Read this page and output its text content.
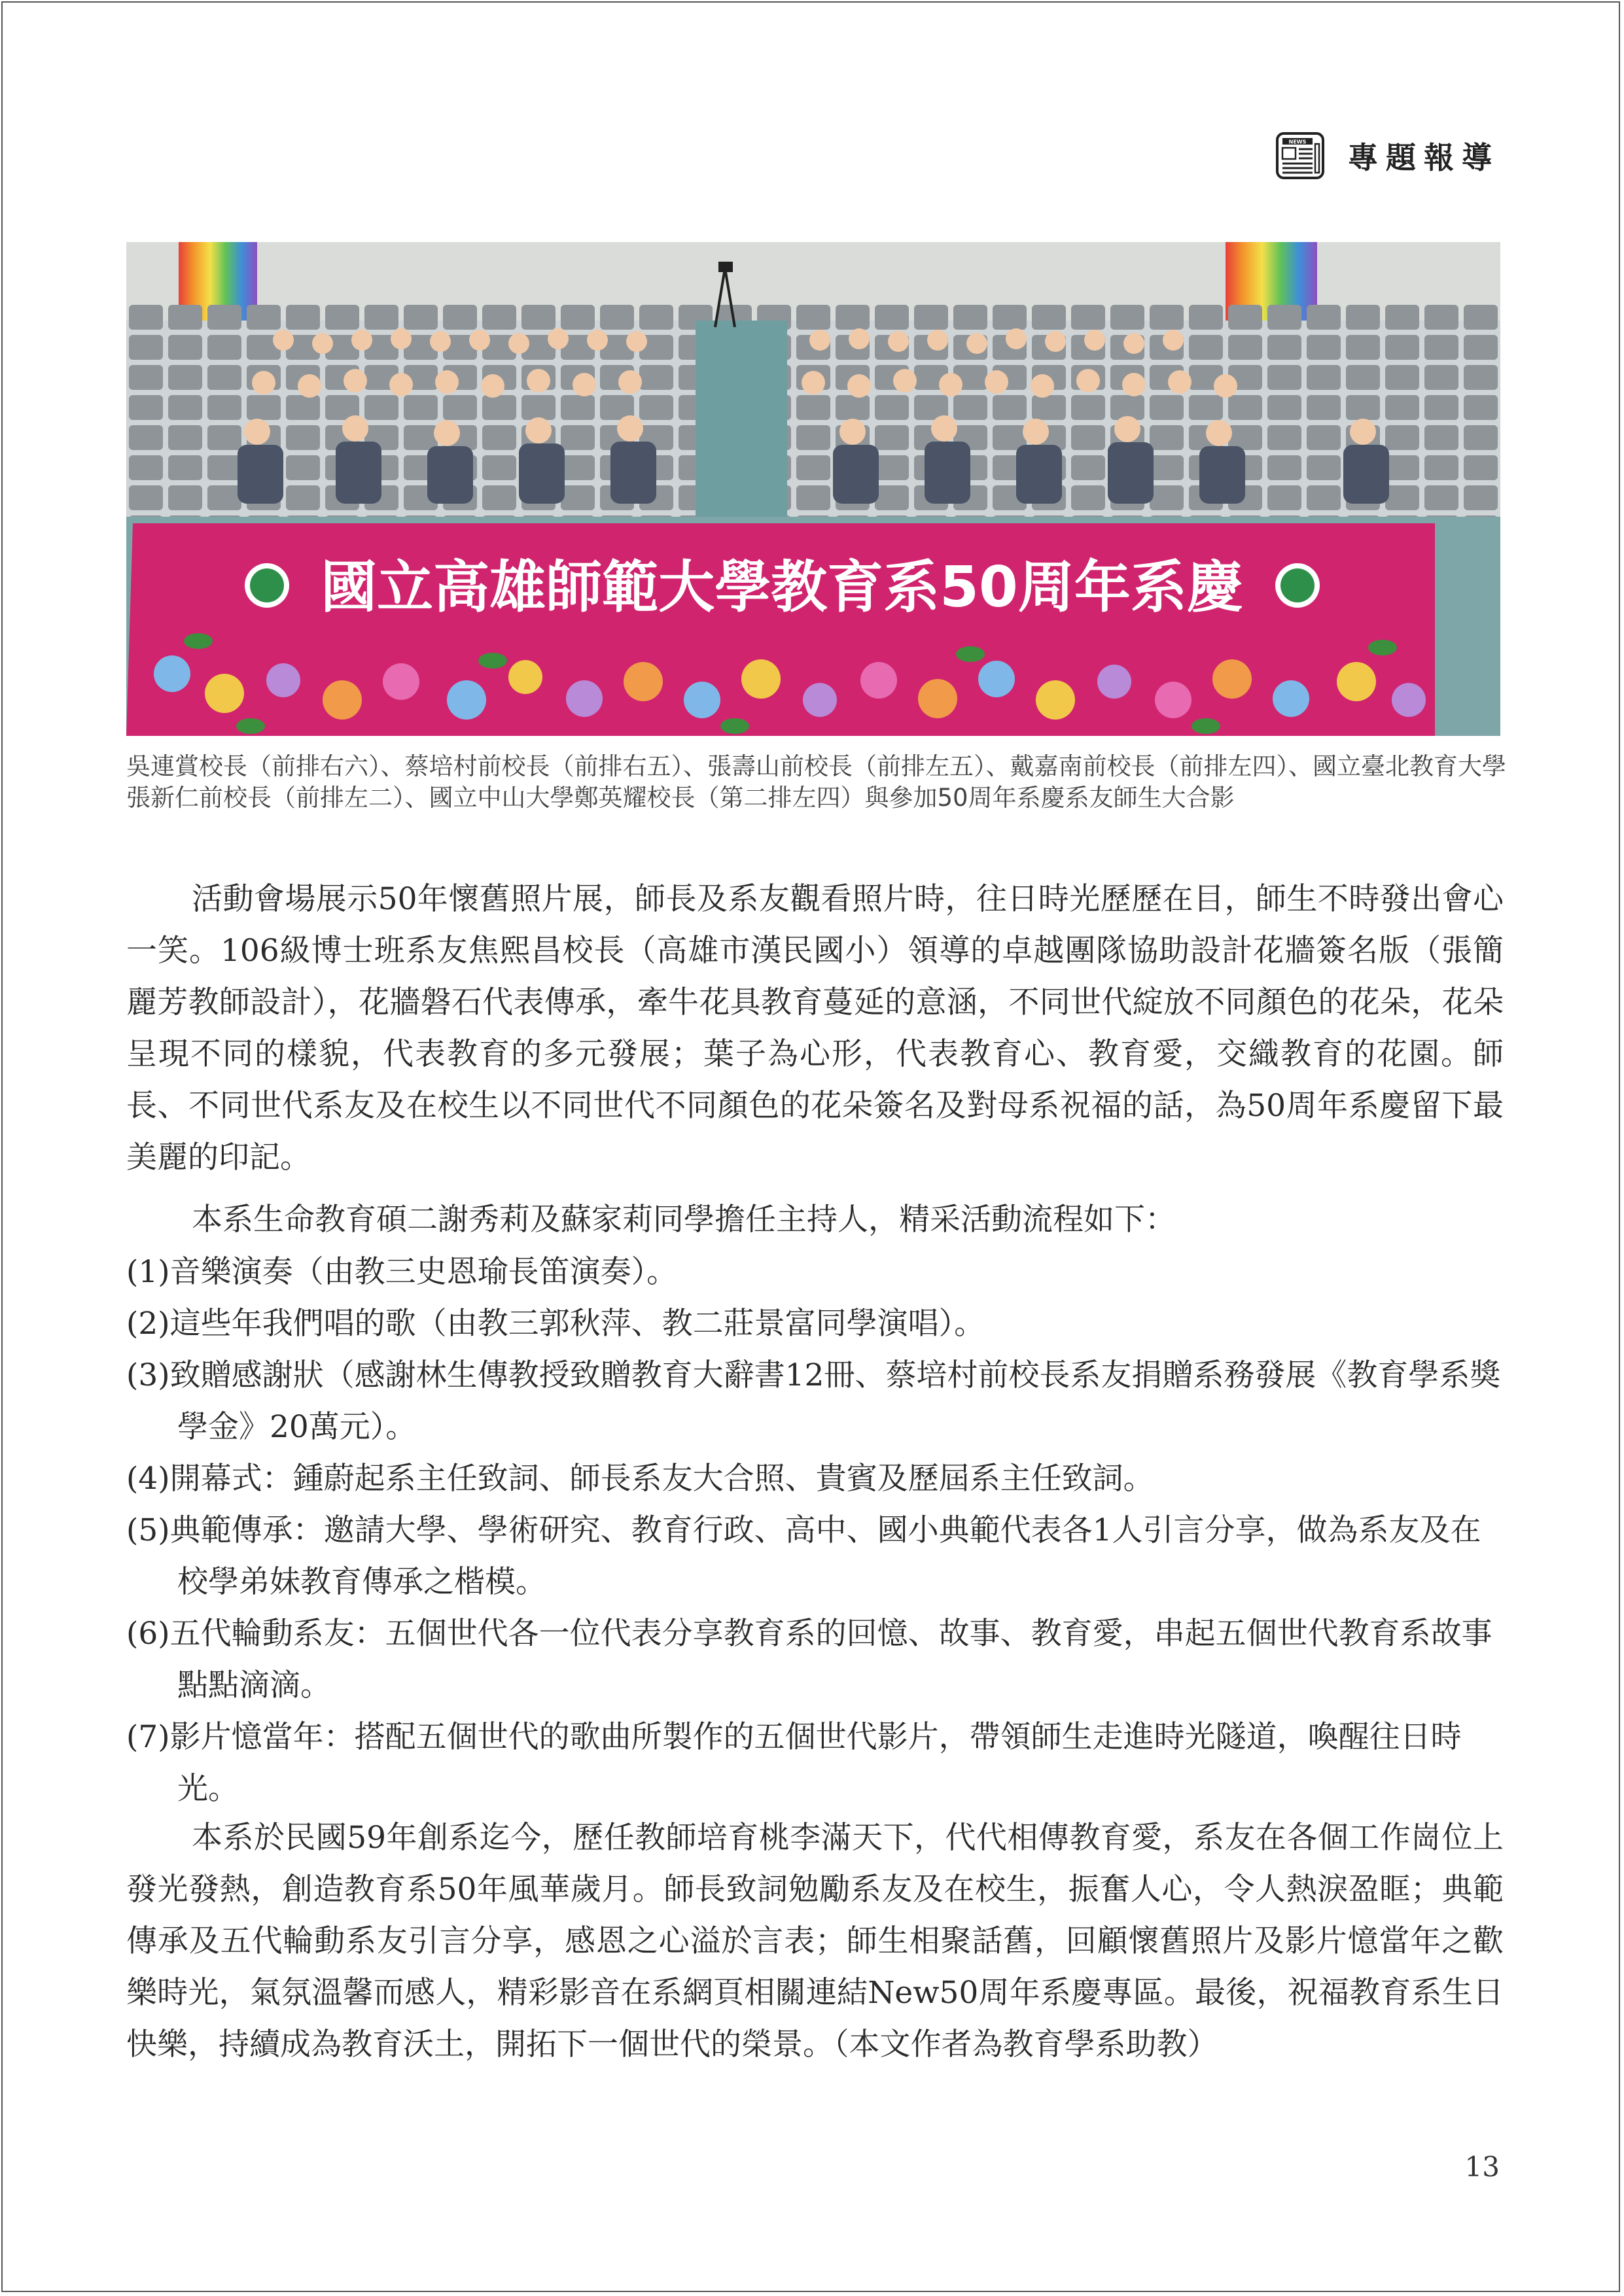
NEWS 專題報導
國立高雄師範大學教育系50周年系慶
吳連賞校長（前排右六）、蔡培村前校長（前排右五）、張壽山前校長（前排左五）、戴嘉南前校長（前排左四）、國立臺北教育大學張新仁前校長（前排左二）、國立中山大學鄭英耀校長（第二排左四）與參加50周年系慶系友師生大合影

活動會場展示50年懷舊照片展，師長及系友觀看照片時，往日時光歷歷在目，師生不時發出會心一笑。106級博士班系友焦熙昌校長（高雄市漢民國小）領導的卓越團隊協助設計花牆簽名版（張簡麗芳教師設計），花牆磐石代表傳承，牽牛花具教育蔓延的意涵，不同世代綻放不同顏色的花朵，花朵呈現不同的樣貌，代表教育的多元發展；葉子為心形，代表教育心、教育愛，交織教育的花園。師長、不同世代系友及在校生以不同世代不同顏色的花朵簽名及對母系祝福的話，為50周年系慶留下最美麗的印記。

本系生命教育碩二謝秀莉及蘇家莉同學擔任主持人，精采活動流程如下：

(1)音樂演奏（由教三史恩瑜長笛演奏）。
(2)這些年我們唱的歌（由教三郭秋萍、教二莊景富同學演唱）。
(3)致贈感謝狀（感謝林生傳教授致贈教育大辭書12冊、蔡培村前校長系友捐贈系務發展《教育學系獎學金》20萬元）。
(4)開幕式：鍾蔚起系主任致詞、師長系友大合照、貴賓及歷屆系主任致詞。
(5)典範傳承：邀請大學、學術研究、教育行政、高中、國小典範代表各1人引言分享，做為系友及在校學弟妹教育傳承之楷模。
(6)五代輪動系友：五個世代各一位代表分享教育系的回憶、故事、教育愛，串起五個世代教育系故事點點滴滴。
(7)影片憶當年：搭配五個世代的歌曲所製作的五個世代影片，帶領師生走進時光隧道，喚醒往日時光。

本系於民國59年創系迄今，歷任教師培育桃李滿天下，代代相傳教育愛，系友在各個工作崗位上發光發熱，創造教育系50年風華歲月。師長致詞勉勵系友及在校生，振奮人心，令人熱淚盈眶；典範傳承及五代輪動系友引言分享，感恩之心溢於言表；師生相聚話舊，回顧懷舊照片及影片憶當年之歡樂時光，氣氛溫馨而感人，精彩影音在系網頁相關連結New50周年系慶專區。最後，祝福教育系生日快樂，持續成為教育沃土，開拓下一個世代的榮景。（本文作者為教育學系助教）

13
